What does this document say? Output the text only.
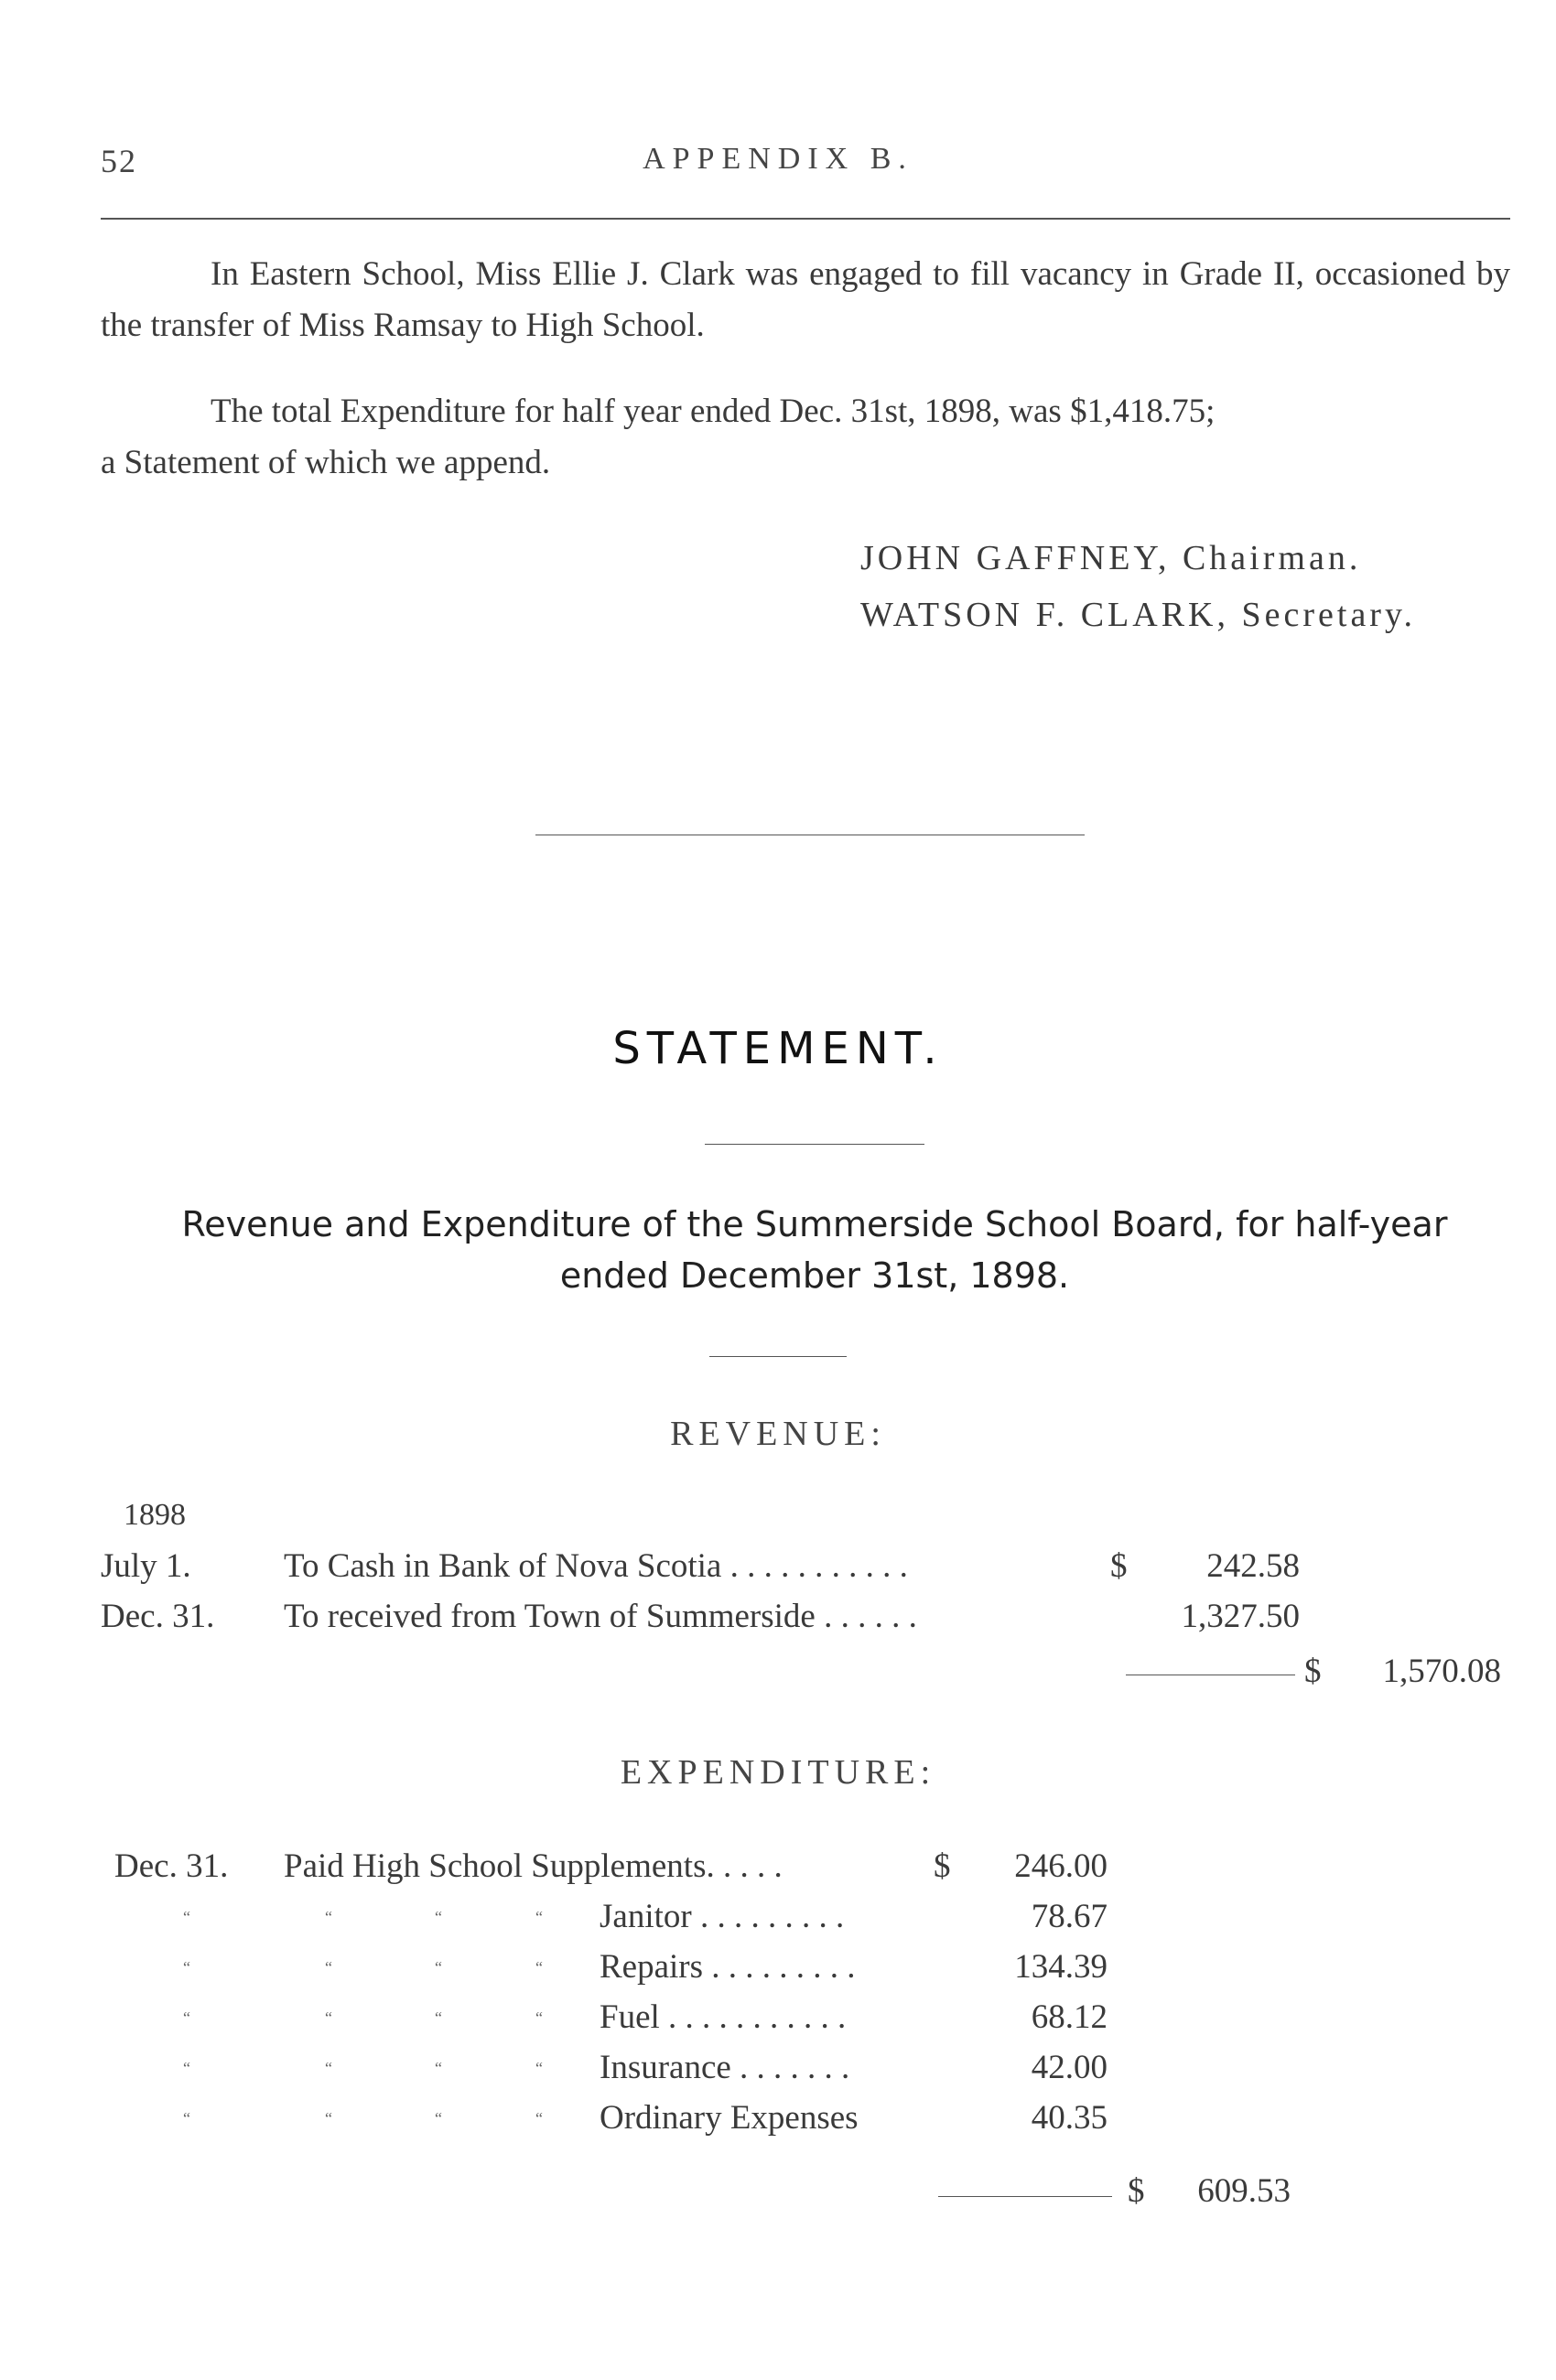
52	APPENDIX B.
In Eastern School, Miss Ellie J. Clark was engaged to fill vacancy in Grade II, occasioned by the transfer of Miss Ramsay to High School.
The total Expenditure for half year ended Dec. 31st, 1898, was $1,418.75;
a Statement of which we append.
JOHN GAFFNEY, Chairman.
WATSON F. CLARK, Secretary.
STATEMENT.
Revenue and Expenditure of the Summerside School Board, for half-year
ended December 31st, 1898.
REVENUE:
1898
July 1.	To Cash in Bank of Nova Scotia . . . . . . . . . . .	$	242.58
Dec. 31. To received from Town of Summerside . . . . . .	1,327.50
$	1,570.08
EXPENDITURE:
Dec. 31. Paid High School Supplements. . . . .	$	246.00
“	“	“	“ Janitor . . . . . . . . .	78.67
“	“	“	“ Repairs . . . . . . . . .	134.39
“	“	“	“ Fuel . . . . . . . . . . .	68.12
“	“	“	“ Insurance . . . . . . .	42.00
“	“	“	“ Ordinary Expenses	40.35
$	609.53
